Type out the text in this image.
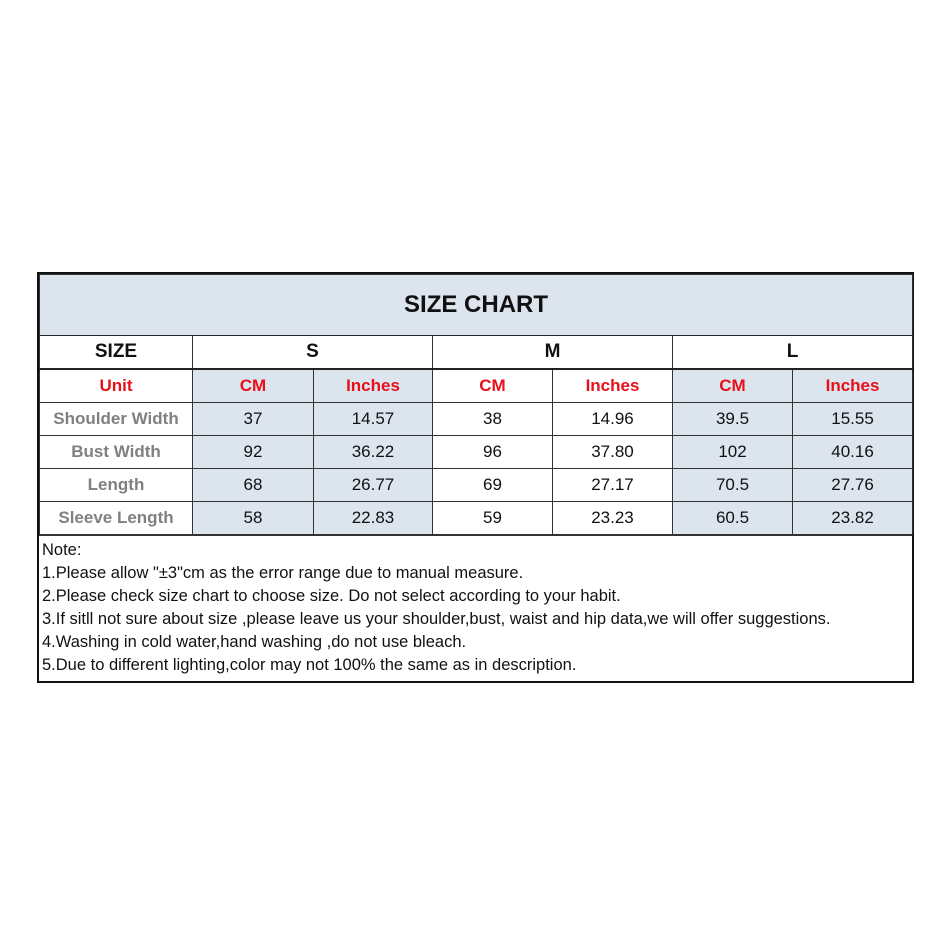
SIZE CHART						
SIZE	S		M		L	
Unit	CM	Inches	CM	Inches	CM	Inches
Shoulder Width	37	14.57	38	14.96	39.5	15.55
Bust Width	92	36.22	96	37.80	102	40.16
Length	68	26.77	69	27.17	70.5	27.76
Sleeve Length	58	22.83	59	23.23	60.5	23.82
Note:
1.Please allow "±3"cm as the error range due to manual measure.
2.Please check size chart to choose size. Do not select according to your habit.
3.If sitll not sure about size ,please leave us your shoulder,bust, waist and hip data,we will offer suggestions.
4.Washing in cold water,hand washing ,do not use bleach.
5.Due to different lighting,color may not 100% the same as in description.
